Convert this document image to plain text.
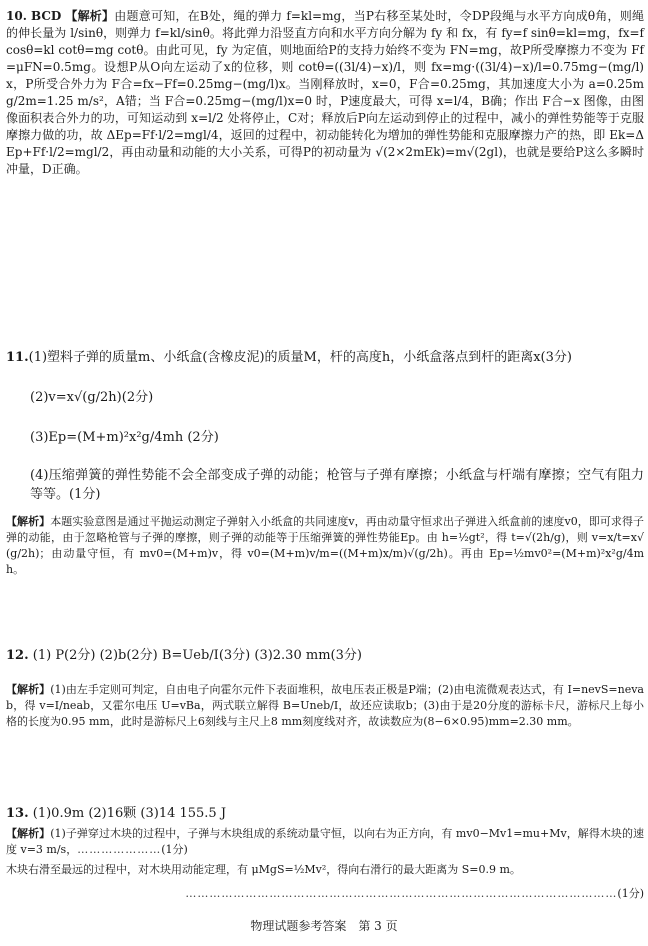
10. BCD 【解析】由题意可知，在B处，绳的弹力 f=kl=mg，当P右移至某处时，令DP段绳与水平方向成θ角，则绳的伸长量为 l/sinθ，则弹力 f=kl/sinθ。将此弹力沿竖直方向和水平方向分解为 fy 和 fx，有 fy=f sinθ=kl=mg，fx=f cosθ=kl cotθ=mg cotθ。由此可见，fy 为定值，则地面给P的支持力始终不变为 FN=mg，故P所受摩擦力不变为 Ff=μFN=0.5mg。设想P从O向左运动了x的位移，则 cotθ=((3l/4)−x)/l，则 fx=mg·((3l/4)−x)/l=0.75mg−(mg/l)x，P所受合外力为 F合=fx−Ff=0.25mg−(mg/l)x。当刚释放时，x=0，F合=0.25mg，其加速度大小为 a=0.25mg/2m=1.25 m/s²，A错；当 F合=0.25mg−(mg/l)x=0 时，P速度最大，可得 x=l/4，B确；作出 F合−x 图像，由图像面积表合外力的功，可知运动到 x=l/2 处将停止，C对；释放后P向左运动到停止的过程中，减小的弹性势能等于克服摩擦力做的功，故 ΔEp=Ff·l/2=mgl/4，返回的过程中，初动能转化为增加的弹性势能和克服摩擦力产的热，即 Ek=ΔEp+Ff·l/2=mgl/2，再由动量和动能的大小关系，可得P的初动量为 √(2×2mEk)=m√(2gl)，也就是要给P这么多瞬时冲量，D正确。
11.(1)塑料子弹的质量m、小纸盒(含橡皮泥)的质量M，杆的高度h，小纸盒落点到杆的距离x(3分)
(2)v=x√(g/2h)(2分)
(3)Ep=(M+m)²x²g/4mh (2分)
(4)压缩弹簧的弹性势能不会全部变成子弹的动能；枪管与子弹有摩擦；小纸盒与杆端有摩擦；空气有阻力等等。(1分)
【解析】本题实验意图是通过平抛运动测定子弹射入小纸盒的共同速度v，再由动量守恒求出子弹进入纸盒前的速度v0，即可求得子弹的动能，由于忽略枪管与子弹的摩擦，则子弹的动能等于压缩弹簧的弹性势能Ep。由 h=½gt²，得 t=√(2h/g)，则 v=x/t=x√(g/2h)；由动量守恒，有 mv0=(M+m)v，得 v0=(M+m)v/m=((M+m)x/m)√(g/2h)。再由 Ep=½mv0²=(M+m)²x²g/4mh。
12. (1) P(2分) (2)b(2分) B=Ueb/I(3分) (3)2.30 mm(3分)
【解析】(1)由左手定则可判定，自由电子向霍尔元件下表面堆积，故电压表正极是P端；(2)由电流微观表达式，有 I=nevS=nevab，得 v=I/neab，又霍尔电压 U=vBa，两式联立解得 B=Uneb/I，故还应读取b；(3)由于是20分度的游标卡尺，游标尺上每小格的长度为0.95 mm，此时是游标尺上6刻线与主尺上8 mm刻度线对齐，故读数应为(8−6×0.95)mm=2.30 mm。
13. (1)0.9m (2)16颗 (3)14 155.5 J
【解析】(1)子弹穿过木块的过程中，子弹与木块组成的系统动量守恒，以向右为正方向，有 mv0−Mv1=mu+Mv，解得木块的速度 v=3 m/s，…………………(1分)
木块右滑至最远的过程中，对木块用动能定理，有 μMgS=½Mv²，得向右滑行的最大距离为 S=0.9 m。
………………………………………………………………………………………………(1分)
物理试题参考答案　第 3 页
